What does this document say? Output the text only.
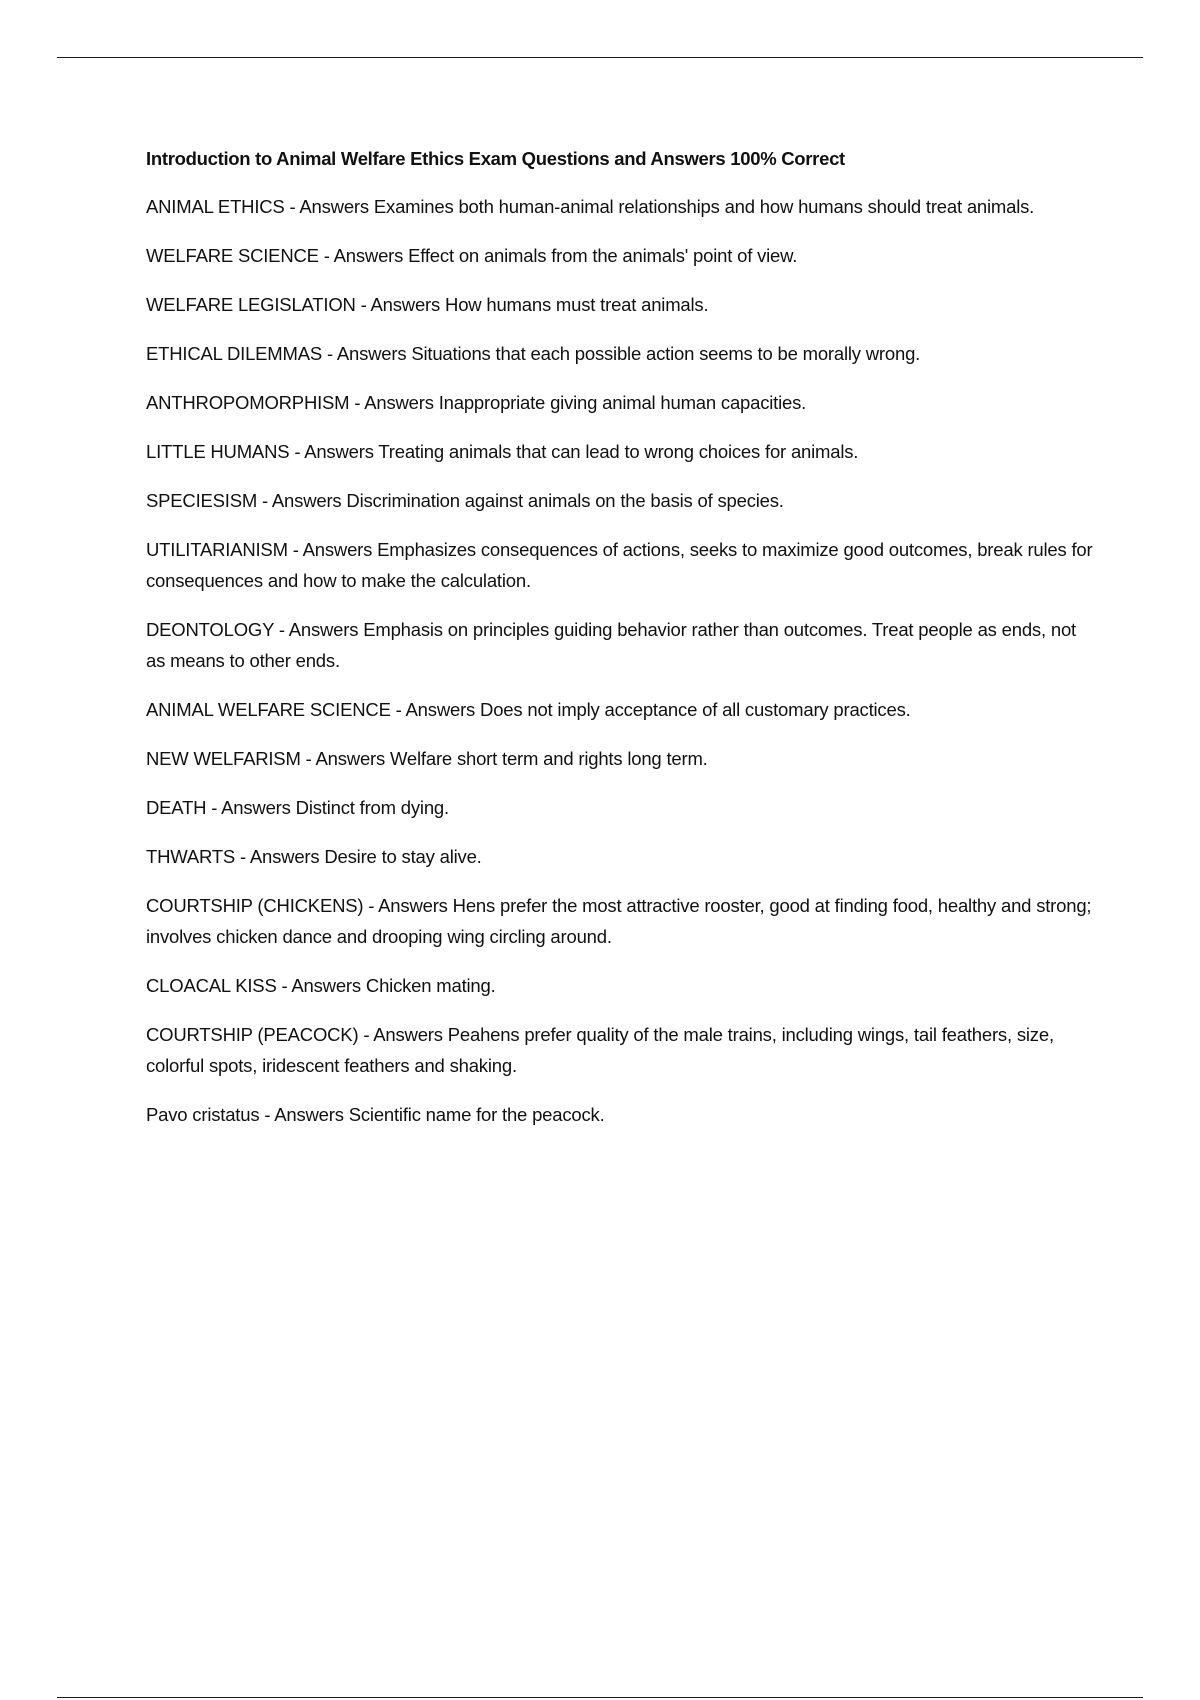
Introduction to Animal Welfare Ethics Exam Questions and Answers 100% Correct
ANIMAL ETHICS - Answers Examines both human-animal relationships and how humans should treat animals.
WELFARE SCIENCE - Answers Effect on animals from the animals' point of view.
WELFARE LEGISLATION - Answers How humans must treat animals.
ETHICAL DILEMMAS - Answers Situations that each possible action seems to be morally wrong.
ANTHROPOMORPHISM - Answers Inappropriate giving animal human capacities.
LITTLE HUMANS - Answers Treating animals that can lead to wrong choices for animals.
SPECIESISM - Answers Discrimination against animals on the basis of species.
UTILITARIANISM - Answers Emphasizes consequences of actions, seeks to maximize good outcomes, break rules for consequences and how to make the calculation.
DEONTOLOGY - Answers Emphasis on principles guiding behavior rather than outcomes. Treat people as ends, not as means to other ends.
ANIMAL WELFARE SCIENCE - Answers Does not imply acceptance of all customary practices.
NEW WELFARISM - Answers Welfare short term and rights long term.
DEATH - Answers Distinct from dying.
THWARTS - Answers Desire to stay alive.
COURTSHIP (CHICKENS) - Answers Hens prefer the most attractive rooster, good at finding food, healthy and strong; involves chicken dance and drooping wing circling around.
CLOACAL KISS - Answers Chicken mating.
COURTSHIP (PEACOCK) - Answers Peahens prefer quality of the male trains, including wings, tail feathers, size, colorful spots, iridescent feathers and shaking.
Pavo cristatus - Answers Scientific name for the peacock.
